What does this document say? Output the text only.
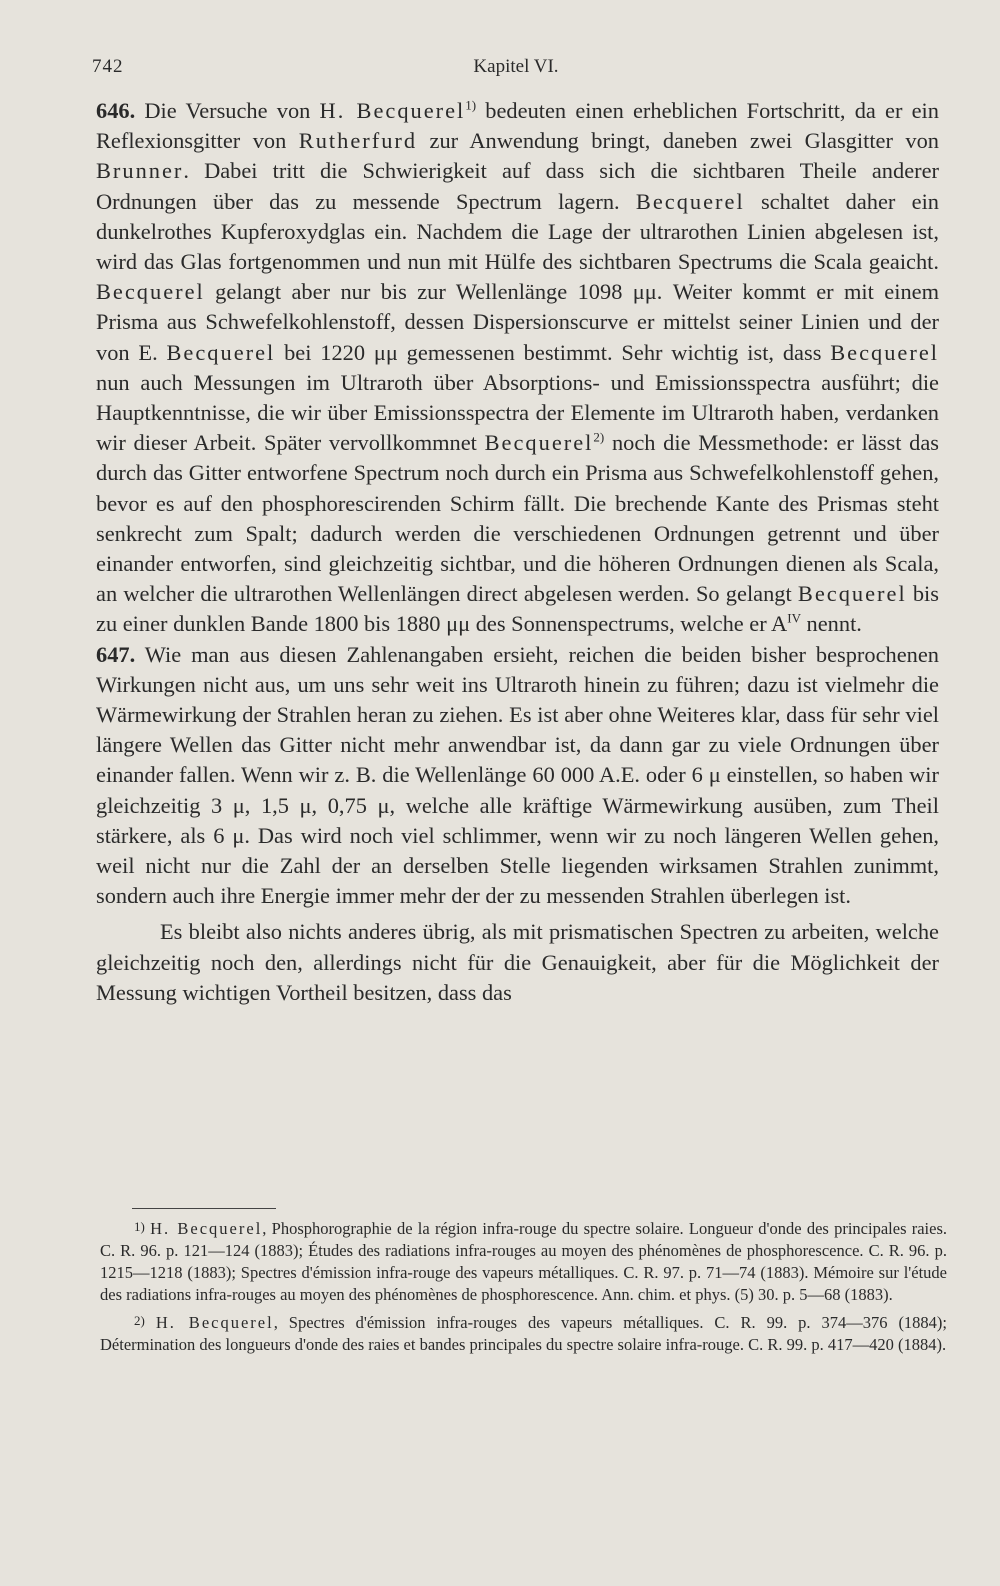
742	Kapitel VI.

646. Die Versuche von H. Becquerel$^{1)}$ bedeuten einen erheblichen Fortschritt, da er ein Reflexionsgitter von Rutherfurd zur Anwendung bringt, daneben zwei Glasgitter von Brunner. Dabei tritt die Schwierigkeit auf dass sich die sichtbaren Theile anderer Ordnungen über das zu messende Spectrum lagern. Becquerel schaltet daher ein dunkelrothes Kupferoxydglas ein. Nachdem die Lage der ultrarothen Linien abgelesen ist, wird das Glas fortgenommen und nun mit Hülfe des sichtbaren Spectrums die Scala geaicht. Becquerel gelangt aber nur bis zur Wellenlänge 1098 μμ. Weiter kommt er mit einem Prisma aus Schwefelkohlenstoff, dessen Dispersionscurve er mittelst seiner Linien und der von E. Becquerel bei 1220 μμ gemessenen bestimmt. Sehr wichtig ist, dass Becquerel nun auch Messungen im Ultraroth über Absorptions- und Emissionsspectra ausführt; die Hauptkenntnisse, die wir über Emissionsspectra der Elemente im Ultraroth haben, verdanken wir dieser Arbeit. Später vervollkommnet Becquerel$^{2)}$ noch die Messmethode: er lässt das durch das Gitter entworfene Spectrum noch durch ein Prisma aus Schwefelkohlenstoff gehen, bevor es auf den phosphorescirenden Schirm fällt. Die brechende Kante des Prismas steht senkrecht zum Spalt; dadurch werden die verschiedenen Ordnungen getrennt und über einander entworfen, sind gleichzeitig sichtbar, und die höheren Ordnungen dienen als Scala, an welcher die ultrarothen Wellenlängen direct abgelesen werden. So gelangt Becquerel bis zu einer dunklen Bande 1800 bis 1880 μμ des Sonnenspectrums, welche er $A^{IV}$ nennt.

647. Wie man aus diesen Zahlenangaben ersieht, reichen die beiden bisher besprochenen Wirkungen nicht aus, um uns sehr weit ins Ultraroth hinein zu führen; dazu ist vielmehr die Wärmewirkung der Strahlen heran zu ziehen. Es ist aber ohne Weiteres klar, dass für sehr viel längere Wellen das Gitter nicht mehr anwendbar ist, da dann gar zu viele Ordnungen über einander fallen. Wenn wir z. B. die Wellenlänge 60 000 A.E. oder 6 μ einstellen, so haben wir gleichzeitig 3 μ, 1,5 μ, 0,75 μ, welche alle kräftige Wärmewirkung ausüben, zum Theil stärkere, als 6 μ. Das wird noch viel schlimmer, wenn wir zu noch längeren Wellen gehen, weil nicht nur die Zahl der an derselben Stelle liegenden wirksamen Strahlen zunimmt, sondern auch ihre Energie immer mehr der der zu messenden Strahlen überlegen ist.

Es bleibt also nichts anderes übrig, als mit prismatischen Spectren zu arbeiten, welche gleichzeitig noch den, allerdings nicht für die Genauigkeit, aber für die Möglichkeit der Messung wichtigen Vortheil besitzen, dass das

1) H. Becquerel, Phosphorographie de la région infra-rouge du spectre solaire. Longueur d'onde des principales raies. C. R. 96. p. 121—124 (1883); Études des radiations infra-rouges au moyen des phénomènes de phosphorescence. C. R. 96. p. 1215—1218 (1883); Spectres d'émission infra-rouge des vapeurs métalliques. C. R. 97. p. 71—74 (1883). Mémoire sur l'étude des radiations infra-rouges au moyen des phénomènes de phosphorescence. Ann. chim. et phys. (5) 30. p. 5—68 (1883).

2) H. Becquerel, Spectres d'émission infra-rouges des vapeurs métalliques. C. R. 99. p. 374—376 (1884); Détermination des longueurs d'onde des raies et bandes principales du spectre solaire infra-rouge. C. R. 99. p. 417—420 (1884).
